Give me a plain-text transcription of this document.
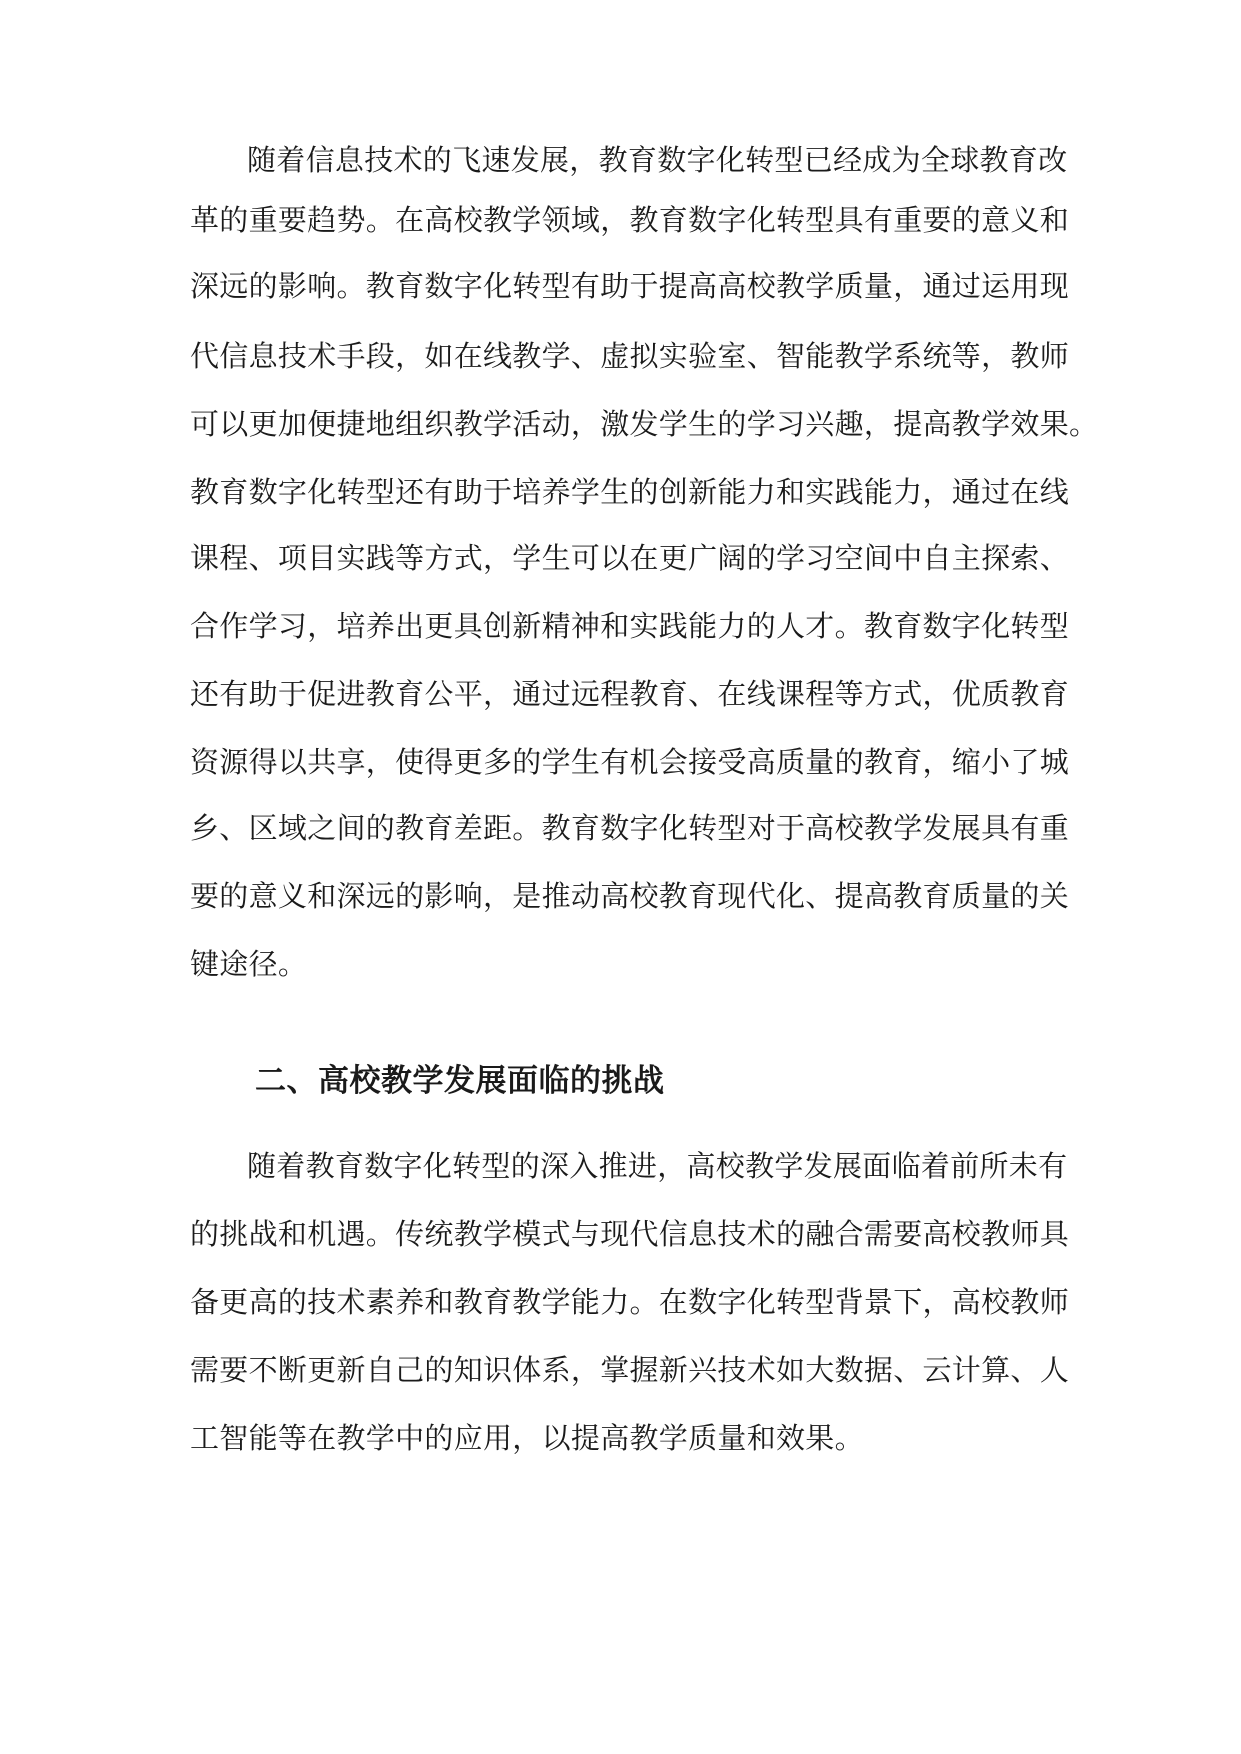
随着信息技术的飞速发展，教育数字化转型已经成为全球教育改
革的重要趋势。在高校教学领域，教育数字化转型具有重要的意义和
深远的影响。教育数字化转型有助于提高高校教学质量，通过运用现
代信息技术手段，如在线教学、虚拟实验室、智能教学系统等，教师
可以更加便捷地组织教学活动，激发学生的学习兴趣，提高教学效果。
教育数字化转型还有助于培养学生的创新能力和实践能力，通过在线
课程、项目实践等方式，学生可以在更广阔的学习空间中自主探索、
合作学习，培养出更具创新精神和实践能力的人才。教育数字化转型
还有助于促进教育公平，通过远程教育、在线课程等方式，优质教育
资源得以共享，使得更多的学生有机会接受高质量的教育，缩小了城
乡、区域之间的教育差距。教育数字化转型对于高校教学发展具有重
要的意义和深远的影响，是推动高校教育现代化、提高教育质量的关
键途径。
二、高校教学发展面临的挑战
随着教育数字化转型的深入推进，高校教学发展面临着前所未有
的挑战和机遇。传统教学模式与现代信息技术的融合需要高校教师具
备更高的技术素养和教育教学能力。在数字化转型背景下，高校教师
需要不断更新自己的知识体系，掌握新兴技术如大数据、云计算、人
工智能等在教学中的应用，以提高教学质量和效果。
